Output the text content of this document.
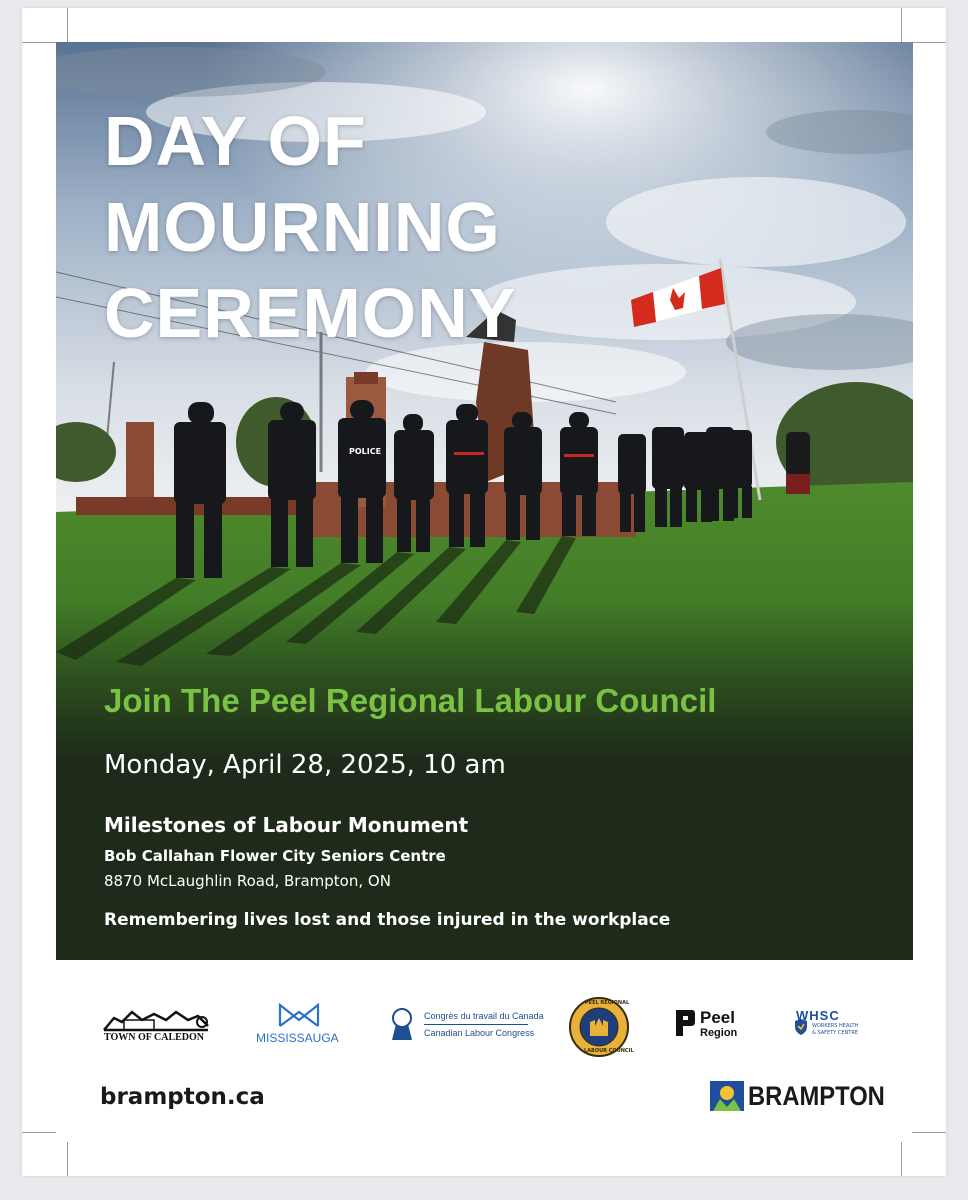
POLICE
DAY OF
MOURNING
CEREMONY
Join The Peel Regional Labour Council
Monday, April 28, 2025, 10 am
Milestones of Labour Monument
Bob Callahan Flower City Seniors Centre
8870 McLaughlin Road, Brampton, ON
Remembering lives lost and those injured in the workplace
TOWN OF CALEDON	MISSISSAUGA
Congrès du travail du Canada
Canadian Labour Congress
PEEL REGIONAL
LABOUR COUNCIL
Peel
Region
WHSC
WORKERS HEALTH
& SAFETY CENTRE
brampton.ca	BRAMPTON
